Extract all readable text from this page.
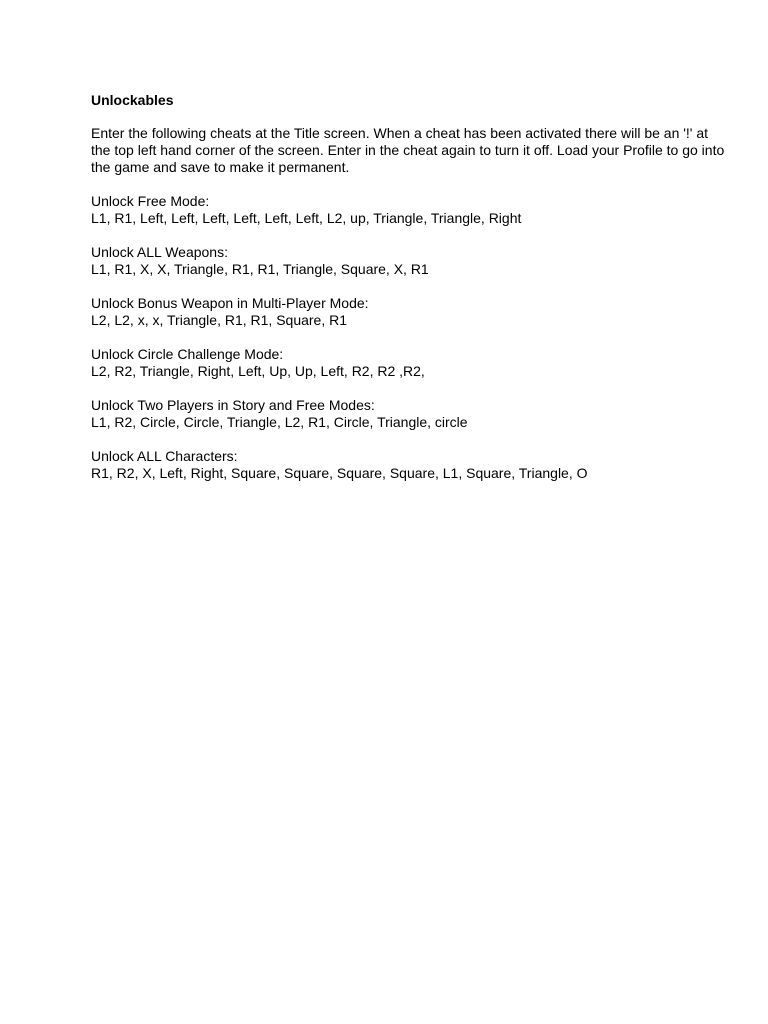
Unlockables
Enter the following cheats at the Title screen. When a cheat has been activated there will be an '!' at the top left hand corner of the screen. Enter in the cheat again to turn it off. Load your Profile to go into the game and save to make it permanent.
Unlock Free Mode:
L1, R1, Left, Left, Left, Left, Left, Left, L2, up, Triangle, Triangle, Right
Unlock ALL Weapons:
L1, R1, X, X, Triangle, R1, R1, Triangle, Square, X, R1
Unlock Bonus Weapon in Multi-Player Mode:
L2, L2, x, x, Triangle, R1, R1, Square, R1
Unlock Circle Challenge Mode:
L2, R2, Triangle, Right, Left, Up, Up, Left, R2, R2 ,R2,
Unlock Two Players in Story and Free Modes:
L1, R2, Circle, Circle, Triangle, L2, R1, Circle, Triangle, circle
Unlock ALL Characters:
R1, R2, X, Left, Right, Square, Square, Square, Square, L1, Square, Triangle, O
